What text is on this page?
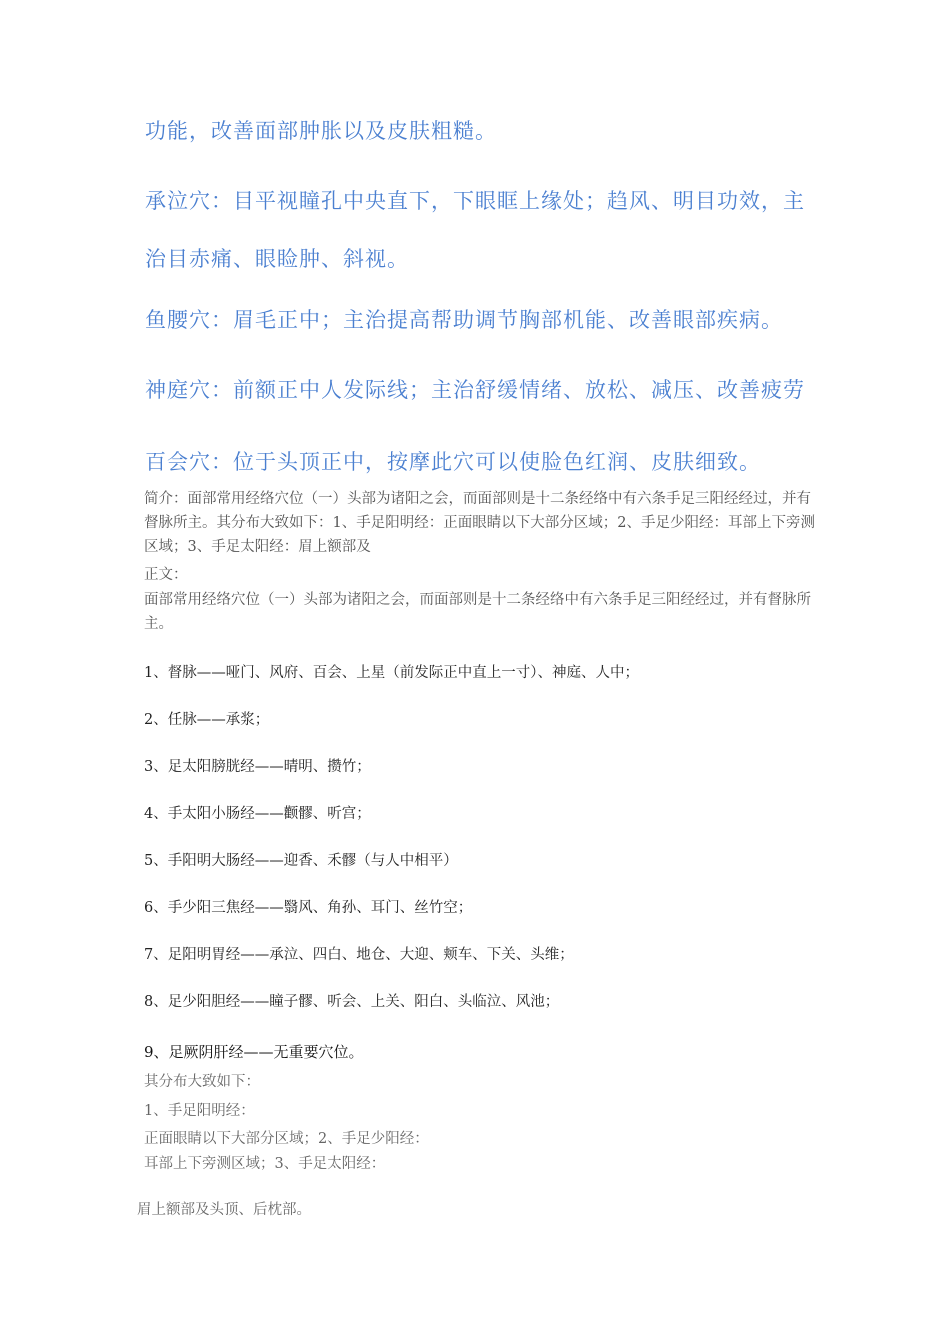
功能，改善面部肿胀以及皮肤粗糙。
承泣穴：目平视瞳孔中央直下，下眼眶上缘处；趋风、明目功效，主治目赤痛、眼睑肿、斜视。
鱼腰穴：眉毛正中；主治提高帮助调节胸部机能、改善眼部疾病。
神庭穴：前额正中人发际线；主治舒缓情绪、放松、减压、改善疲劳
百会穴：位于头顶正中，按摩此穴可以使脸色红润、皮肤细致。
简介：面部常用经络穴位（一）头部为诸阳之会，而面部则是十二条经络中有六条手足三阳经经过，并有督脉所主。其分布大致如下：1、手足阳明经：正面眼睛以下大部分区域；2、手足少阳经：耳部上下旁测区域；3、手足太阳经：眉上额部及
正文：
面部常用经络穴位（一）头部为诸阳之会，而面部则是十二条经络中有六条手足三阳经经过，并有督脉所主。
1、督脉——哑门、风府、百会、上星（前发际正中直上一寸）、神庭、人中；
2、任脉——承浆；
3、足太阳膀胱经——晴明、攒竹；
4、手太阳小肠经——颧髎、听宫；
5、手阳明大肠经——迎香、禾髎（与人中相平）
6、手少阳三焦经——翳风、角孙、耳门、丝竹空；
7、足阳明胃经——承泣、四白、地仓、大迎、颊车、下关、头维；
8、足少阳胆经——瞳子髎、听会、上关、阳白、头临泣、风池；
9、足厥阴肝经——无重要穴位。
其分布大致如下：
1、手足阳明经：
正面眼睛以下大部分区域；2、手足少阳经：
耳部上下旁测区域；3、手足太阳经：
眉上额部及头顶、后枕部。
